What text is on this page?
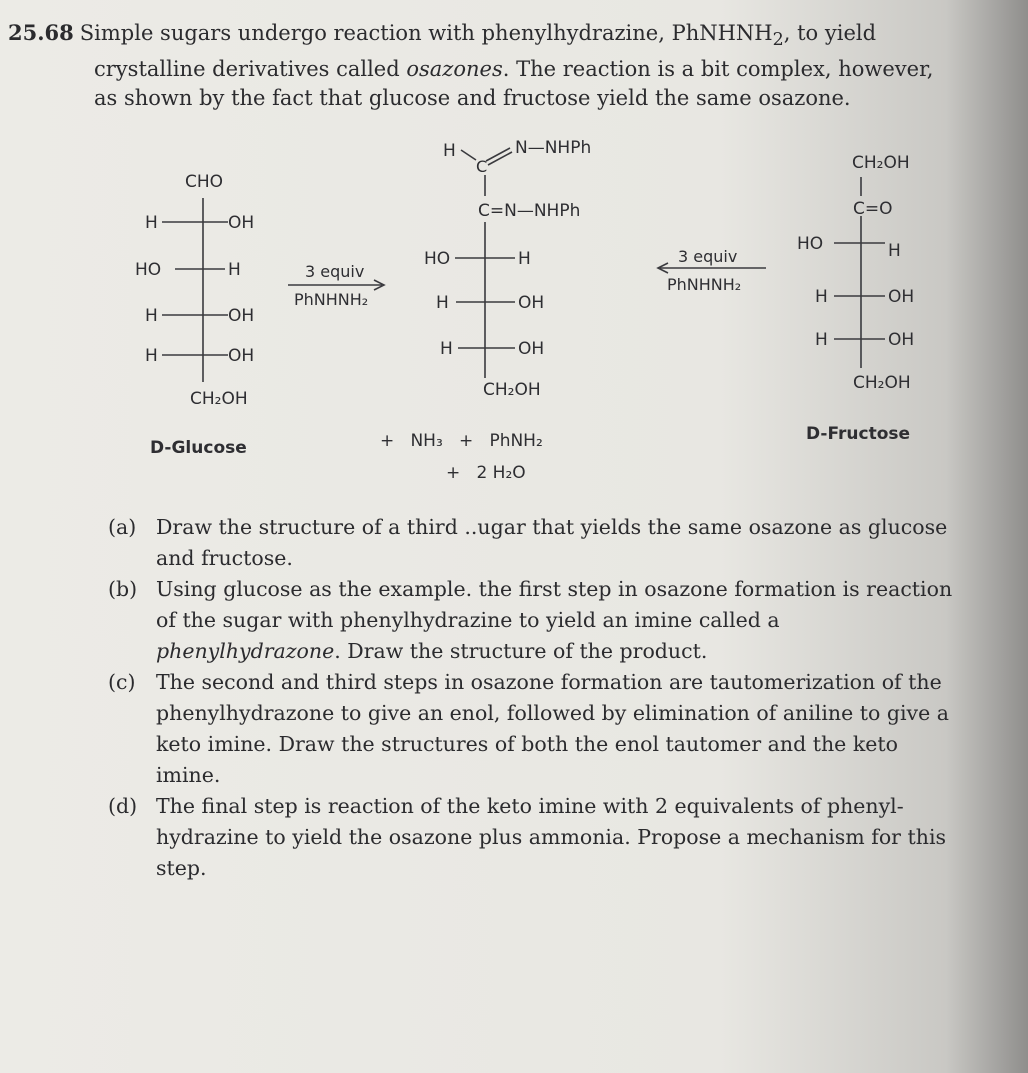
25.68 Simple sugars undergo reaction with phenylhydrazine, PhNHNH$_2$, to yield
crystalline derivatives called osazones. The reaction is a bit complex, however,
as shown by the fact that glucose and fructose yield the same osazone.
CHO
H	OH
HO	H
H	OH
H	OH
CH₂OH
D-Glucose
3 equiv
PhNHNH₂
H
C
N—NHPh
C=N—NHPh
HO	H
H	OH
H	OH
CH₂OH
+   NH₃   +   PhNH₂
+   2 H₂O
3 equiv
PhNHNH₂
CH₂OH
C=O
HO	H
H	OH
H	OH
CH₂OH
D-Fructose
(a) Draw the structure of a third ..ugar that yields the same osazone as glucose and fructose.
(b) Using glucose as the example. the first step in osazone formation is reaction of the sugar with phenylhydrazine to yield an imine called a phenylhydrazone. Draw the structure of the product.
(c)	The second and third steps in osazone formation are tautomerization of the phenylhydrazone to give an enol, followed by elimination of aniline to give a keto imine. Draw the structures of both the enol tautomer and the keto imine.
(d) The final step is reaction of the keto imine with 2 equivalents of phenyl-hydrazine to yield the osazone plus ammonia. Propose a mechanism for this step.
